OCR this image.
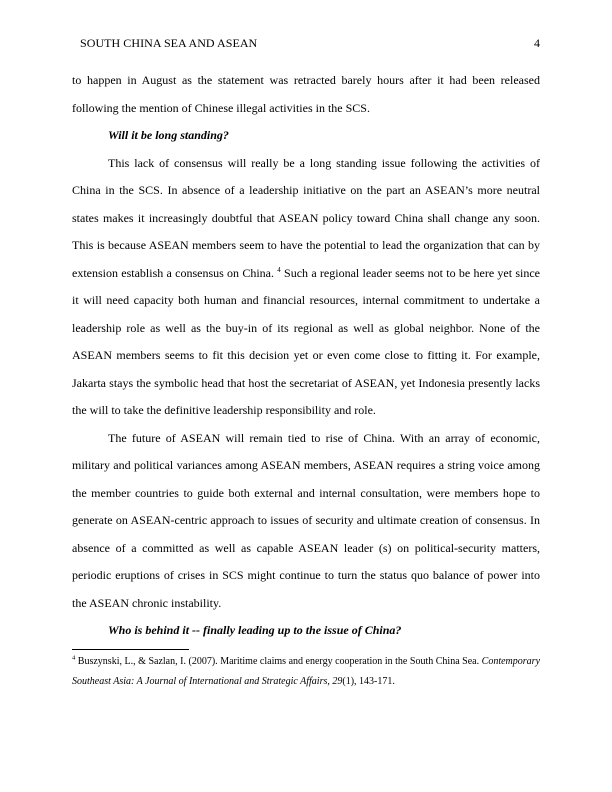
SOUTH CHINA SEA AND ASEAN	4

to happen in August as the statement was retracted barely hours after it had been released following the mention of Chinese illegal activities in the SCS.

Will it be long standing?

This lack of consensus will really be a long standing issue following the activities of China in the SCS. In absence of a leadership initiative on the part an ASEAN’s more neutral states makes it increasingly doubtful that ASEAN policy toward China shall change any soon. This is because ASEAN members seem to have the potential to lead the organization that can by extension establish a consensus on China. $^4$ Such a regional leader seems not to be here yet since it will need capacity both human and financial resources, internal commitment to undertake a leadership role as well as the buy-in of its regional as well as global neighbor. None of the ASEAN members seems to fit this decision yet or even come close to fitting it. For example, Jakarta stays the symbolic head that host the secretariat of ASEAN, yet Indonesia presently lacks the will to take the definitive leadership responsibility and role.

The future of ASEAN will remain tied to rise of China. With an array of economic, military and political variances among ASEAN members, ASEAN requires a string voice among the member countries to guide both external and internal consultation, were members hope to generate on ASEAN-centric approach to issues of security and ultimate creation of consensus. In absence of a committed as well as capable ASEAN leader (s) on political-security matters, periodic eruptions of crises in SCS might continue to turn the status quo balance of power into the ASEAN chronic instability.

Who is behind it -- finally leading up to the issue of China?

$^4$ Buszynski, L., & Sazlan, I. (2007). Maritime claims and energy cooperation in the South China Sea. Contemporary Southeast Asia: A Journal of International and Strategic Affairs, 29(1), 143-171.
